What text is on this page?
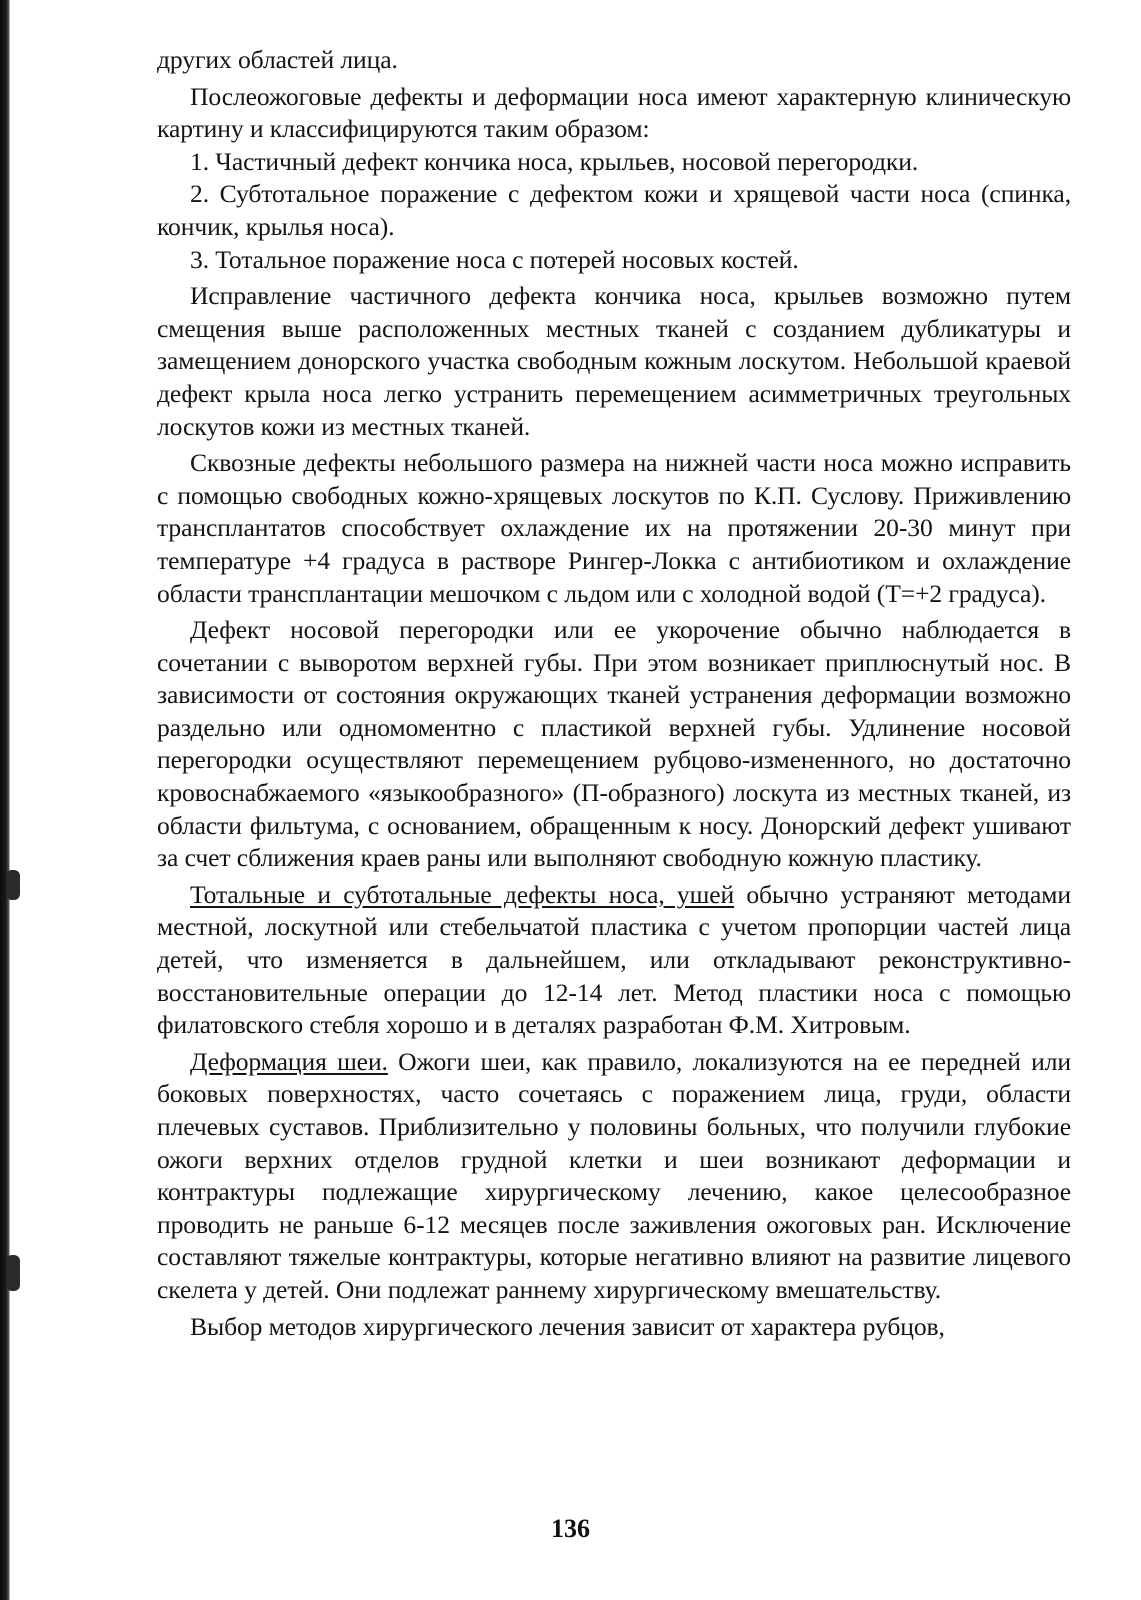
других областей лица.

Послеожоговые дефекты и деформации носа имеют характерную клиническую картину и классифицируются таким образом:

1. Частичный дефект кончика носа, крыльев, носовой перегородки.

2. Субтотальное поражение с дефектом кожи и хрящевой части носа (спинка, кончик, крылья носа).

3. Тотальное поражение носа с потерей носовых костей.

Исправление частичного дефекта кончика носа, крыльев возможно путем смещения выше расположенных местных тканей с созданием дубликатуры и замещением донорского участка свободным кожным лоскутом. Небольшой краевой дефект крыла носа легко устранить перемещением асимметричных треугольных лоскутов кожи из местных тканей.

Сквозные дефекты небольшого размера на нижней части носа можно исправить с помощью свободных кожно-хрящевых лоскутов по К.П. Суслову. Приживлению трансплантатов способствует охлаждение их на протяжении 20-30 минут при температуре +4 градуса в растворе Рингер-Локка с антибиотиком и охлаждение области трансплантации мешочком с льдом или с холодной водой (Т=+2 градуса).

Дефект носовой перегородки или ее укорочение обычно наблюдается в сочетании с выворотом верхней губы. При этом возникает приплюснутый нос. В зависимости от состояния окружающих тканей устранения деформации возможно раздельно или одномоментно с пластикой верхней губы. Удлинение носовой перегородки осуществляют перемещением рубцово-измененного, но достаточно кровоснабжаемого «языкообразного» (П-образного) лоскута из местных тканей, из области фильтума, с основанием, обращенным к носу. Донорский дефект ушивают за счет сближения краев раны или выполняют свободную кожную пластику.

Тотальные и субтотальные дефекты носа, ушей обычно устраняют методами местной, лоскутной или стебельчатой пластика с учетом пропорции частей лица детей, что изменяется в дальнейшем, или откладывают реконструктивно-восстановительные операции до 12-14 лет. Метод пластики носа с помощью филатовского стебля хорошо и в деталях разработан Ф.М. Хитровым.

Деформация шеи. Ожоги шеи, как правило, локализуются на ее передней или боковых поверхностях, часто сочетаясь с поражением лица, груди, области плечевых суставов. Приблизительно у половины больных, что получили глубокие ожоги верхних отделов грудной клетки и шеи возникают деформации и контрактуры подлежащие хирургическому лечению, какое целесообразное проводить не раньше 6-12 месяцев после заживления ожоговых ран. Исключение составляют тяжелые контрактуры, которые негативно влияют на развитие лицевого скелета у детей. Они подлежат раннему хирургическому вмешательству.

Выбор методов хирургического лечения зависит от характера рубцов,

136
